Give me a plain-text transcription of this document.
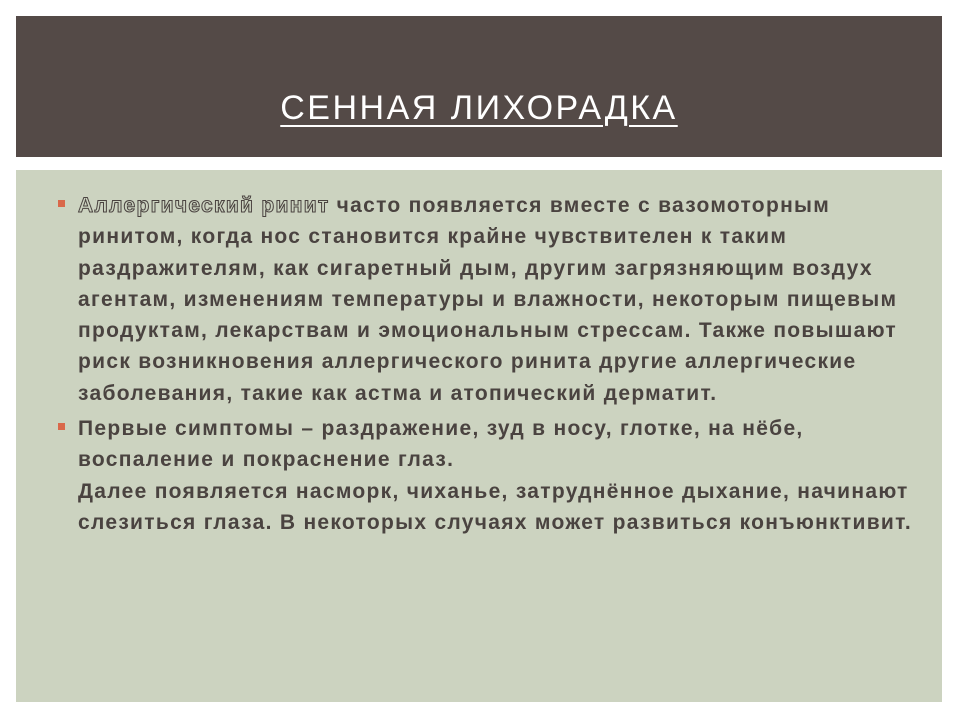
СЕННАЯ ЛИХОРАДКА
Аллергический ринит часто появляется вместе с вазомоторным ринитом, когда нос становится крайне чувствителен к таким раздражителям, как сигаретный дым, другим загрязняющим воздух агентам, изменениям температуры и влажности, некоторым пищевым продуктам, лекарствам и эмоциональным стрессам. Также повышают риск возникновения аллергического ринита другие аллергические заболевания, такие как астма и атопический дерматит.
Первые симптомы – раздражение, зуд в носу, глотке, на нёбе, воспаление и покраснение глаз.
Далее появляется насморк, чиханье, затруднённое дыхание, начинают слезиться глаза. В некоторых случаях может развиться конъюнктивит.
